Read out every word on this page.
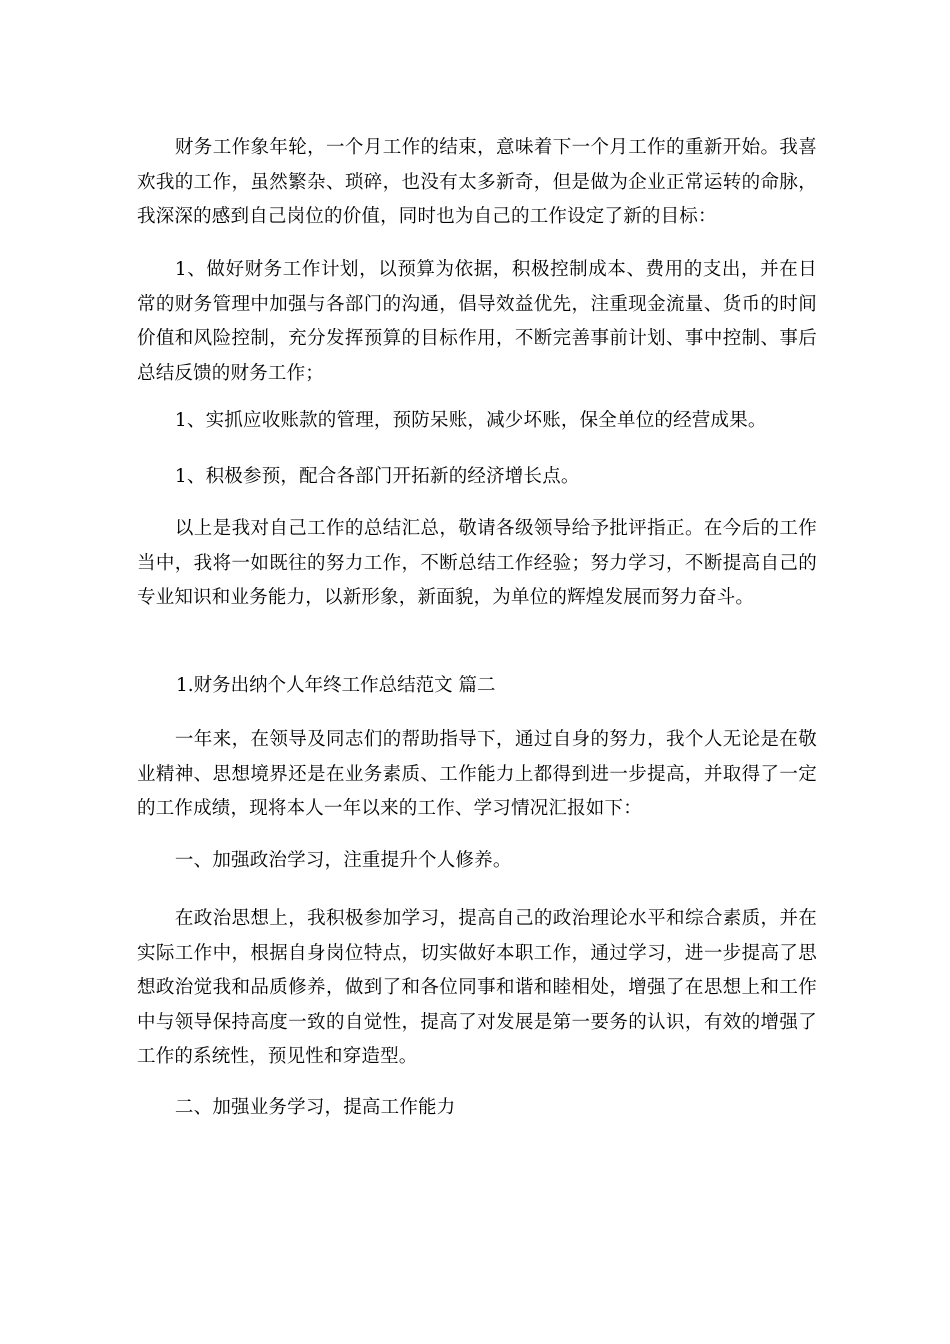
财务工作象年轮，一个月工作的结束，意味着下一个月工作的重新开始。我喜欢我的工作，虽然繁杂、琐碎，也没有太多新奇，但是做为企业正常运转的命脉，我深深的感到自己岗位的价值，同时也为自己的工作设定了新的目标：

1、做好财务工作计划，以预算为依据，积极控制成本、费用的支出，并在日常的财务管理中加强与各部门的沟通，倡导效益优先，注重现金流量、货币的时间价值和风险控制，充分发挥预算的目标作用，不断完善事前计划、事中控制、事后总结反馈的财务工作；

1、实抓应收账款的管理，预防呆账，减少坏账，保全单位的经营成果。

1、积极参预，配合各部门开拓新的经济增长点。

以上是我对自己工作的总结汇总，敬请各级领导给予批评指正。在今后的工作当中，我将一如既往的努力工作，不断总结工作经验；努力学习，不断提高自己的专业知识和业务能力，以新形象，新面貌，为单位的辉煌发展而努力奋斗。

1.财务出纳个人年终工作总结范文 篇二

一年来，在领导及同志们的帮助指导下，通过自身的努力，我个人无论是在敬业精神、思想境界还是在业务素质、工作能力上都得到进一步提高，并取得了一定的工作成绩，现将本人一年以来的工作、学习情况汇报如下：

一、加强政治学习，注重提升个人修养。

在政治思想上，我积极参加学习，提高自己的政治理论水平和综合素质，并在实际工作中，根据自身岗位特点，切实做好本职工作，通过学习，进一步提高了思想政治觉我和品质修养，做到了和各位同事和谐和睦相处，增强了在思想上和工作中与领导保持高度一致的自觉性，提高了对发展是第一要务的认识，有效的增强了工作的系统性，预见性和穿造型。

二、加强业务学习，提高工作能力
